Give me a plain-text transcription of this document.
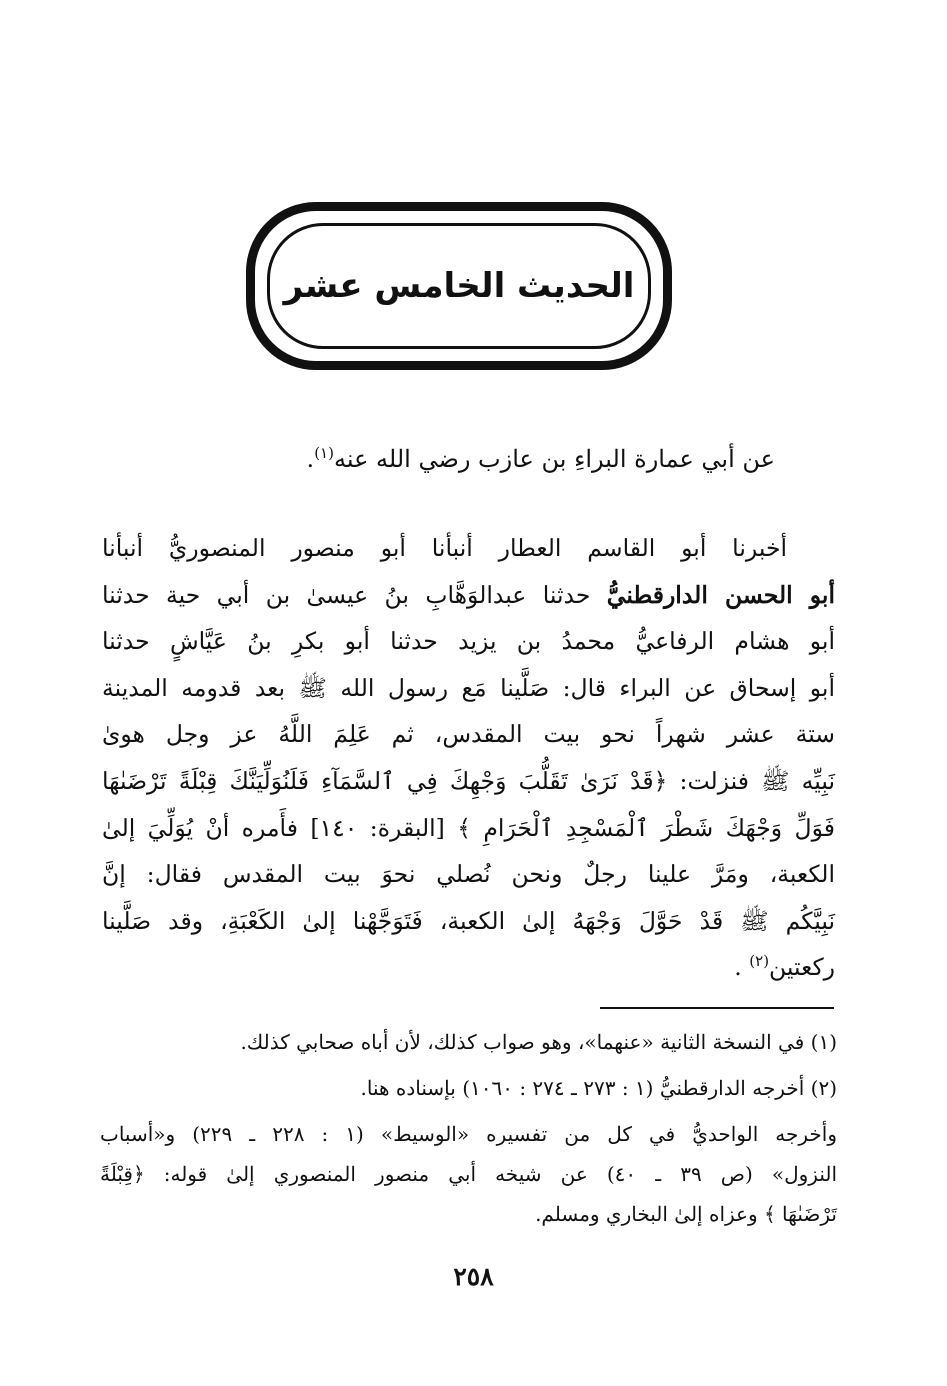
الحديث الخامس عشر
عن أبي عمارة البراءِ بن عازب رضي الله عنه$^{(١)}$.
أخبرنا أبو القاسم العطار أنبأنا أبو منصور المنصوريُّ أنبأنا
أبو الحسن الدارقطنيُّ حدثنا عبدالوَهَّابِ بنُ عيسىٰ بن أبي حية حدثنا
أبو هشام الرفاعيُّ محمدُ بن يزيد حدثنا أبو بكرِ بنُ عَيَّاشٍ حدثنا
أبو إسحاق عن البراء قال: صَلَّينا مَع رسول الله ﷺ بعد قدومه المدينة
ستة عشر شهراً نحو بيت المقدس، ثم عَلِمَ اللَّهُ عز وجل هوىٰ
نَبِيِّه ﷺ فنزلت: ﴿قَدْ نَرَىٰ تَقَلُّبَ وَجْهِكَ فِي ٱلسَّمَآءِ فَلَنُوَلِّيَنَّكَ قِبْلَةً تَرْضَىٰهَا
فَوَلِّ وَجْهَكَ شَطْرَ ٱلْمَسْجِدِ ٱلْحَرَامِ ﴾ [البقرة: ١٤٠] فأَمره أنْ يُوَلِّيَ إلىٰ
الكعبة، ومَرَّ علينا رجلٌ ونحن نُصلي نحوَ بيت المقدس فقال: إنَّ
نَبِيَّكُم ﷺ قَدْ حَوَّلَ وَجْهَهُ إلىٰ الكعبة، فَتَوَجَّهْنا إلىٰ الكَعْبَةِ، وقد صَلَّينا
ركعتين$^{(٢)}$ .
(١) في النسخة الثانية «عنهما»، وهو صواب كذلك، لأن أباه صحابي كذلك.
(٢) أخرجه الدارقطنيُّ (١ : ٢٧٣ ـ ٢٧٤ : ١٠٦٠) بإسناده هنا.
وأخرجه الواحديُّ في كل من تفسيره «الوسيط» (١ : ٢٢٨ ـ ٢٢٩) و«أسباب
النزول» (ص ٣٩ ـ ٤٠) عن شيخه أبي منصور المنصوري إلىٰ قوله: ﴿قِبْلَةً
تَرْضَىٰهَا ﴾ وعزاه إلىٰ البخاري ومسلم.
٢٥٨
